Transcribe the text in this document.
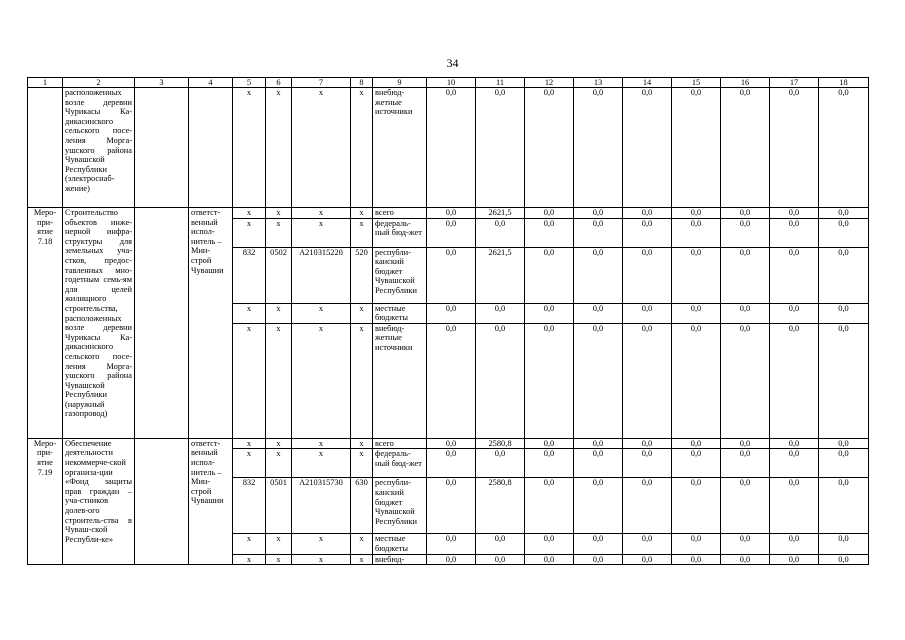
34
1	2	3	4	5	6	7	8	9	10	11	12	13	14	15	16	17	18
	расположенных возле деревни Чурикасы Ка-дикасинского сельского посе-ления Морга-ушского района Чувашской Республики (электроснаб-жение)			х	х	х	х	внебюд-жетные источники	0,0	0,0	0,0	0,0	0,0	0,0	0,0	0,0	0,0
Меро-при-ятие 7.18	Строительство объектов инже-нерной инфра-структуры для земельных уча-стков, предос-тавленных мно-годетным семь-ям для целей жилищного строительства, расположенных возле деревни Чурикасы Ка-дикасинского сельского посе-ления Морга-ушского района Чувашской Республики (наружный газопровод)		ответст-венный испол-нитель – Мин-строй Чувашии	х	х	х	х	всего	0,0	2621,5	0,0	0,0	0,0	0,0	0,0	0,0	0,0
				х	х	х	х	федераль-ный бюд-жет	0,0	0,0	0,0	0,0	0,0	0,0	0,0	0,0	0,0
				832	0502	А210315220	520	республи-канский бюджет Чувашской Республики	0,0	2621,5	0,0	0,0	0,0	0,0	0,0	0,0	0,0
				х	х	х	х	местные бюджеты	0,0	0,0	0,0	0,0	0,0	0,0	0,0	0,0	0,0
				х	х	х	х	внебюд-жетные источники	0,0	0,0	0,0	0,0	0,0	0,0	0,0	0,0	0,0
Меро-при-ятие 7.19	Обеспечение деятельности некоммерче-ской организа-ции «Фонд защиты прав граждан – уча-стников долев-ого строитель-ства в Чуваш-ской Республи-ке»		ответст-венный испол-нитель – Мин-строй Чувашии	х	х	х	х	всего	0,0	2580,8	0,0	0,0	0,0	0,0	0,0	0,0	0,0
				х	х	х	х	федераль-ный бюд-жет	0,0	0,0	0,0	0,0	0,0	0,0	0,0	0,0	0,0
				832	0501	А210315730	630	республи-канский бюджет Чувашской Республики	0,0	2580,8	0,0	0,0	0,0	0,0	0,0	0,0	0,0
				х	х	х	х	местные бюджеты	0,0	0,0	0,0	0,0	0,0	0,0	0,0	0,0	0,0
				х	х	х	х	внебюд-	0,0	0,0	0,0	0,0	0,0	0,0	0,0	0,0	0,0
